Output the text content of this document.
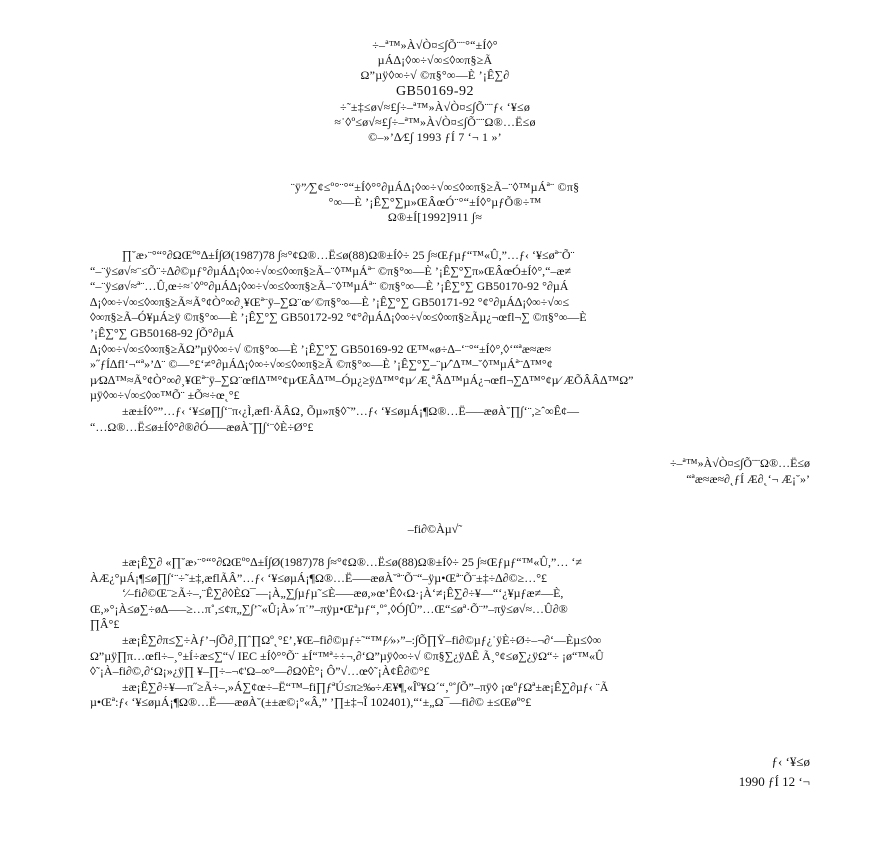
÷–ª™»À√Ò¤≤∫Õ¨¨°“±Í◊°
µÁ∆¡◊∞÷√∞≤◊∞π§≥Ã
Ω”µÿ◊∞÷√ ©π§°∞—È ’¡Ê∑∂
GB50169-92
÷˜±‡≤ø√≈£∫÷–ª™»À√Ò¤≤∫Õ¨¨ƒ‹ ‘¥≤ø
≈˙◊º≤ø√≈£∫÷–ª™»À√Ò¤≤∫Õ¨¨Ω®…Ë≤ø
©–»’∆⁄£∫ 1993 ƒÍ 7 ‘¬ 1 »’
¨ÿ”⁄∑¢≤º°¨°“±Í◊°°∂µÁ∆¡◊∞÷√∞≤◊∞π§≥Ã–¨◊™µÁª¨ ©π§
°∞—È ’¡Ê∑°∑µ»ŒÂœÓ¨°“±Í◊°µƒÕ®÷™
Ω®±Í[1992]911 ∫≈
∏˘æ›¨°“°∂ΩŒº°∆±Í∫Ø(1987)78 ∫≈°¢Ω®…Ë≤ø(88)Ω®±Í◊÷ 25 ∫≈Œƒµƒ“™«Û,”…ƒ‹ ‘¥≤øª¨Õ¨
“–¨ÿ≤ø√≈¨≤Õ¨÷∆∂©µƒ°∂µÁ∆¡◊∞÷√∞≤◊∞π§≥Ã–¨◊™µÁª¨ ©π§°∞—È ’¡Ê∑°∑π»ŒÂœÓ±Í◊°,“–æ≠
“–¨ÿ≤ø√≈ª¨…Û,œ÷≈˙◊º°∂µÁ∆¡◊∞÷√∞≤◊∞π§≥Ã–¨◊™µÁª¨ ©π§°∞—È ’¡Ê∑°∑ GB50170-92 °∂µÁ
∆¡◊∞÷√∞≤◊∞π§≥Ã≈Ã°¢Ò°∞∂¸¥Œª¨ÿ–∑Ω¨œ⁄ ©π§°∞—È ’¡Ê∑°∑ GB50171-92 °¢°∂µÁ∆¡◊∞÷√∞≤
◊∞π§≥Ã–Ó¥µÁ≥ÿ ©π§°∞—È ’¡Ê∑°∑ GB50172-92 °¢°∂µÁ∆¡◊∞÷√∞≤◊∞π§≥Ãµ¿¬œfl¬∑ ©π§°∞—È
’¡Ê∑°∑ GB50168-92 ∫Õ°∂µÁ
∆¡◊∞÷√∞≤◊∞π§≥ÃΩ”µÿ◊∞÷√ ©π§°∞—È ’¡Ê∑°∑ GB50169-92 Œ™«ø÷∆–‘¨°“±Í◊°,◊‘“ªæ≈æ≈
»˝ƒÍ∆fl‘¬“ª»’∆¨ ©––°£‘≠°∂µÁ∆¡◊∞÷√∞≤◊∞π§≥Ã ©π§°∞—È ’¡Ê∑°∑–¨µ⁄ˆ∆™–˘◊™µÁª¨∆™°¢
µ⁄Ω∆™≈Ã°¢Ò°∞∂¸¥Œª¨ÿ–∑Ω¨œfl∆™°¢µ⁄ŒÂ∆™–Óµ¿≥ÿ∆™°¢µ⁄ Æ˛ªÂ∆™µÁ¿¬œfl¬∑∆™°¢µ⁄ ÆÕÂÂ∆™Ω”
µÿ◊∞÷√∞≤◊∞™Õ¨ ±Õ≈÷œ˛°£
±æ±Í◊°”…ƒ‹ ‘¥≤ø∏∫‘¨π‹¿Ì,æfl·ÃÂΩ‚ Õµ»π§◊˜”…ƒ‹ ‘¥≤øµÁ¡¶Ω®…Ë—–æøÀ˘∏∫‘¨,≥ˆ∞Ê¢––
“…Ω®…Ë≤ø±Í◊°∂®∂Ó—–æøÀ˘∏∫‘¨◊È÷Ø°£
÷–ª™»À√Ò¤≤∫Õ¨¨Ω®…Ë≤ø
“ªæ≈æ≈∂˛ƒÍ Æ∂˛‘¬ Æ¡˘»’
–fi∂©Àµ√˜
±æ¡Ê∑∂ «∏˘æ›¨°“°∂ΩŒº°∆±Í∫Ø(1987)78 ∫≈°¢Ω®…Ë≤ø(88)Ω®±Í◊÷ 25 ∫≈Œƒµƒ“™«Û,”… ‘≠
ÀÆ¿°µÁ¡¶≤ø∏∫‘¨÷˜±‡,æflÃÂ”…ƒ‹ ‘¥≤øµÁ¡¶Ω®…Ë—–æøÀ˘ª¨Õ¨“–ÿµ•Œª¨Õ¨±‡÷∆∂©≥…°£
‘⁄–fi∂©Œ¨≥Ã÷–,¨Ê∑∂◊ÈΩ¯––¡À„∑∫µƒµ˜≤È—–æø,»œ’Ê◊‹Ω·¡À‘≠¡Ê∑∂÷¥––“‘¿¥µƒæ≠—È,
Œ,»°¡À≤ø∑÷ø∆—–≥…π˚,≤¢π„∑∫’˜«Û¡À»´π˙”–πÿµ•Œªµƒ“‚º˚,◊Ó∫Û”…Œ“≤øª·Õ¨”–πÿ≤ø√≈…Û∂®
∏Â°£
±æ¡Ê∑∂π≤∑÷Àƒ’¬∫Õ∂¸∏ˆ∏Ωº˛°£’‚¥Œ–fi∂©µƒ÷˜“™ƒ⁄»›”–:∫Õ∏Ÿ–fi∂©µƒ¿˙ÿÈ÷Ø÷–¬∂‘—Èµ≤◊∞
Ω”µÿ∏π…œfl÷–¸°±Í÷æ≤∑“√ IEC ±Í◊°°Õ¨ ±Í“™ª÷÷¬,∂‘Ω”µÿ◊∞÷√ ©π§∑¿ÿ∆Ê Ã¸°¢≤ø∑¿ÿΩ“÷ ¡ø“™«Û
◊˜¡À–fi∂©,∂‘Ω¡»¿ÿ∏ ¥–∏÷–¬¢'Ω–∞°—∂Ω◊È°¡ Ô”√…œ◊˜¡À¢Ê∂©°£
±æ¡Ê∑∂÷¥––π˝≥Ã÷–,»Á∑¢œ÷–Ë“™–fi∏ƒªÚ≤π≥‰÷Æ¥¶,«Îº¥Ω´“‚º˚∫Õ”–πÿ◊ ¡œºƒΩª±æ¡Ê∑∂µƒ‹ ¨Ã
µ•Œª:ƒ‹ ‘¥≤øµÁ¡¶Ω®…Ë—–æøÀ˘(±±æ©¡°«Â,” ’∏±‡¬Î 102401),“‘±„Ω¯––fi∂© ±≤Œøº°£
ƒ‹ ‘¥≤ø
1990 ƒÍ 12 ‘¬
